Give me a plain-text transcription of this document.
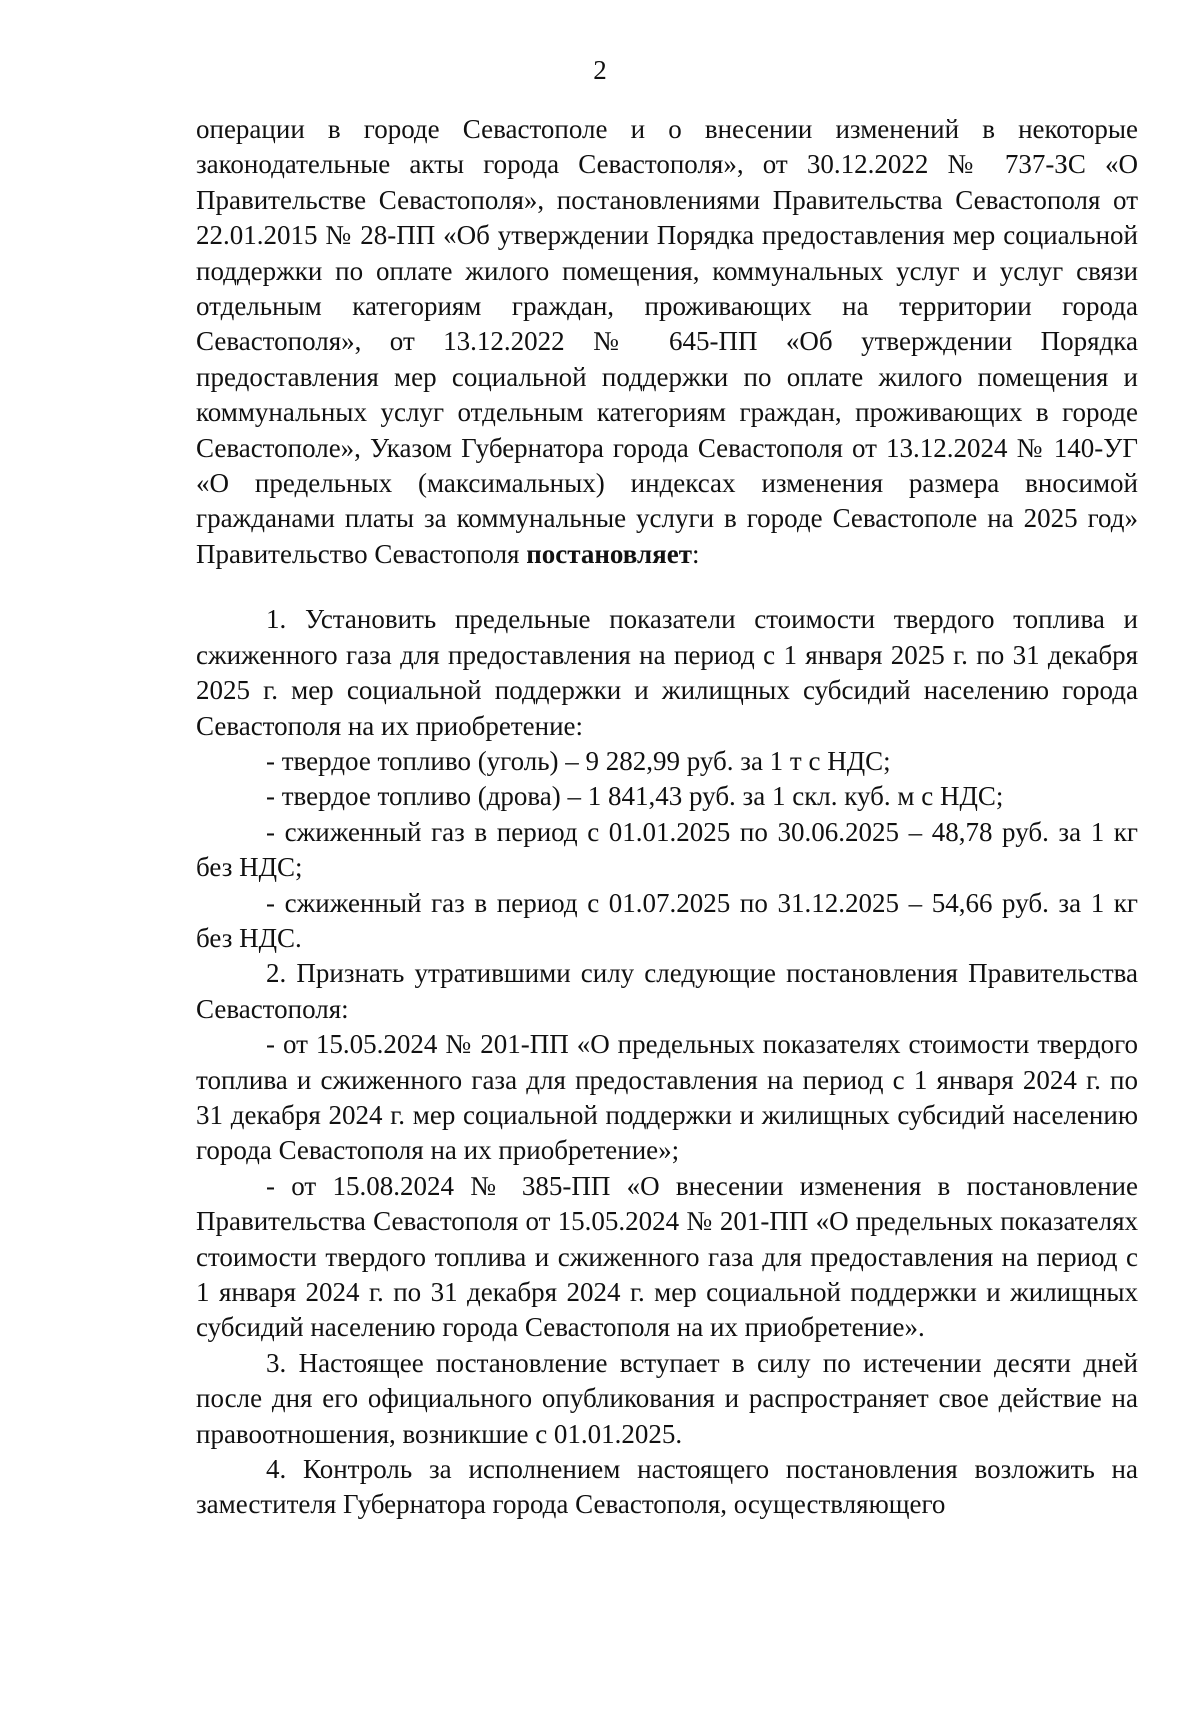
2

операции в городе Севастополе и о внесении изменений в некоторые законодательные акты города Севастополя», от 30.12.2022 № 737-ЗС «О Правительстве Севастополя», постановлениями Правительства Севастополя от 22.01.2015 № 28-ПП «Об утверждении Порядка предоставления мер социальной поддержки по оплате жилого помещения, коммунальных услуг и услуг связи отдельным категориям граждан, проживающих на территории города Севастополя», от 13.12.2022 № 645-ПП «Об утверждении Порядка предоставления мер социальной поддержки по оплате жилого помещения и коммунальных услуг отдельным категориям граждан, проживающих в городе Севастополе», Указом Губернатора города Севастополя от 13.12.2024 № 140-УГ «О предельных (максимальных) индексах изменения размера вносимой гражданами платы за коммунальные услуги в городе Севастополе на 2025 год» Правительство Севастополя постановляет:

1. Установить предельные показатели стоимости твердого топлива и сжиженного газа для предоставления на период с 1 января 2025 г. по 31 декабря 2025 г. мер социальной поддержки и жилищных субсидий населению города Севастополя на их приобретение:

- твердое топливо (уголь) – 9 282,99 руб. за 1 т с НДС;

- твердое топливо (дрова) – 1 841,43 руб. за 1 скл. куб. м с НДС;

- сжиженный газ в период с 01.01.2025 по 30.06.2025 – 48,78 руб. за 1 кг без НДС;

- сжиженный газ в период с 01.07.2025 по 31.12.2025 – 54,66 руб. за 1 кг без НДС.

2. Признать утратившими силу следующие постановления Правительства Севастополя:

- от 15.05.2024 № 201-ПП «О предельных показателях стоимости твердого топлива и сжиженного газа для предоставления на период с 1 января 2024 г. по 31 декабря 2024 г. мер социальной поддержки и жилищных субсидий населению города Севастополя на их приобретение»;

- от 15.08.2024 № 385-ПП «О внесении изменения в постановление Правительства Севастополя от 15.05.2024 № 201-ПП «О предельных показателях стоимости твердого топлива и сжиженного газа для предоставления на период с 1 января 2024 г. по 31 декабря 2024 г. мер социальной поддержки и жилищных субсидий населению города Севастополя на их приобретение».

3. Настоящее постановление вступает в силу по истечении десяти дней после дня его официального опубликования и распространяет свое действие на правоотношения, возникшие с 01.01.2025.

4. Контроль за исполнением настоящего постановления возложить на заместителя Губернатора города Севастополя, осуществляющего
